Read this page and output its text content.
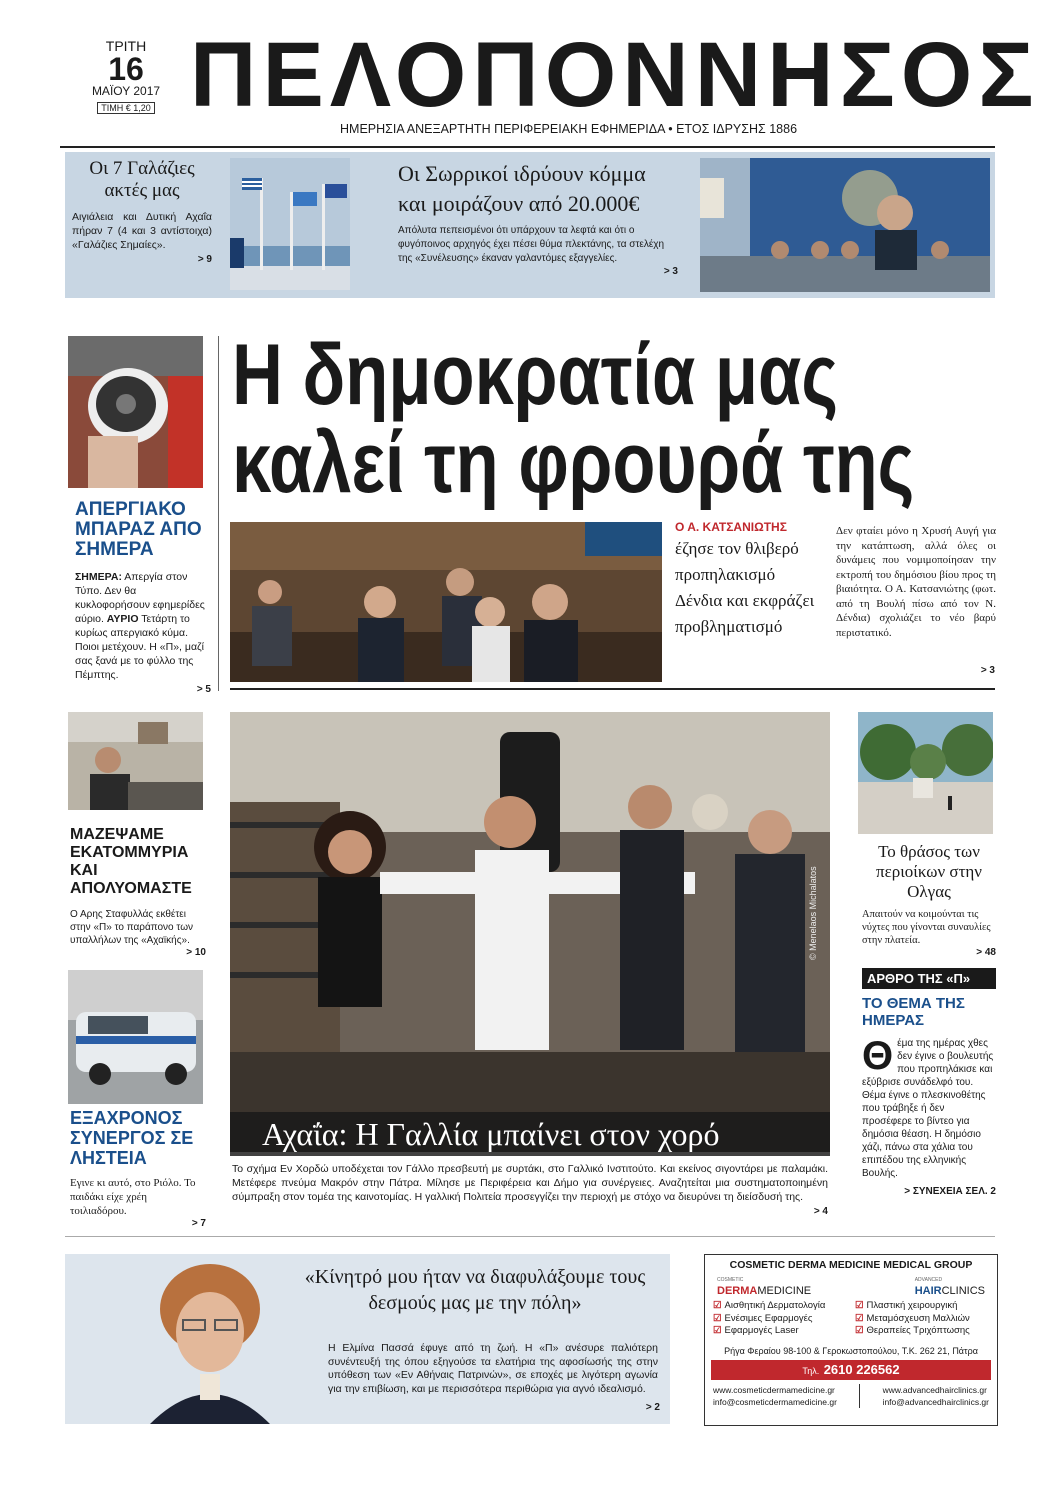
ΤΡΙΤΗ
16
ΜΑΪΟΥ 2017
ΤΙΜΗ € 1,20 ΠΕΛΟΠΟΝΝΗΣΟΣ
ΗΜΕΡΗΣΙΑ ΑΝΕΞΑΡΤΗΤΗ ΠΕΡΙΦΕΡΕΙΑΚΗ ΕΦΗΜΕΡΙΔΑ • ΕΤΟΣ ΙΔΡΥΣΗΣ 1886
Οι 7 Γαλάζιες ακτές μας
Αιγιάλεια και Δυτική Αχαΐα πήραν 7 (4 και 3 αντίστοιχα) «Γαλάζιες Σημαίες».
> 9
Οι Σωρρικοί ιδρύουν κόμμα
και μοιράζουν από 20.000€
Απόλυτα πεπεισμένοι ότι υπάρχουν τα λεφτά και ότι ο φυγόποινος αρχηγός έχει πέσει θύμα πλεκτάνης, τα στελέχη της «Συνέλευσης» έκαναν γαλαντόμες εξαγγελίες.
> 3
ΑΠΕΡΓΙΑΚΟ ΜΠΑΡΑΖ ΑΠΟ ΣΗΜΕΡΑ
ΣΗΜΕΡΑ: Απεργία στον Τύπο. Δεν θα κυκλοφορήσουν εφημερίδες αύριο. ΑΥΡΙΟ Τετάρτη το κυρίως απεργιακό κύμα. Ποιοι μετέχουν. Η «Π», μαζί σας ξανά με το φύλλο της Πέμπτης.
> 5
Η δημοκρατία μας
καλεί τη φρουρά της
Ο Α. ΚΑΤΣΑΝΙΩΤΗΣ
έζησε τον θλιβερό προπηλακισμό Δένδια και εκφράζει προβληματισμό
Δεν φταίει μόνο η Χρυσή Αυγή για την κατάπτωση, αλλά όλες οι δυνάμεις που νομιμοποίησαν την εκτροπή του δημόσιου βίου προς τη βιαιότητα. Ο Α. Κατσανιώτης (φωτ. από τη Βουλή πίσω από τον Ν. Δένδια) σχολιάζει το νέο βαρύ περιστατικό.
> 3
ΜΑΖΕΨΑΜΕ ΕΚΑΤΟΜΜΥΡΙΑ ΚΑΙ ΑΠΟΛΥΟΜΑΣΤΕ
Ο Αρης Σταφυλλάς εκθέτει στην «Π» το παράπονο των υπαλλήλων της «Αχαϊκής».
> 10
ΕΞΑΧΡΟΝΟΣ ΣΥΝΕΡΓΟΣ ΣΕ ΛΗΣΤΕΙΑ
Εγινε κι αυτό, στο Ριόλο. Το παιδάκι είχε χρέη τοιλιαδόρου.
> 7
Αχαΐα: Η Γαλλία μπαίνει στον χορό
© Menelaos Michalatos
Το σχήμα Εν Χορδώ υποδέχεται τον Γάλλο πρεσβευτή με συρτάκι, στο Γαλλικό Ινστιτούτο. Και εκείνος σιγοντάρει με παλαμάκι. Μετέφερε πνεύμα Μακρόν στην Πάτρα. Μίλησε με Περιφέρεια και Δήμο για συνέργειες. Αναζητείται μια συστηματοποιημένη σύμπραξη στον τομέα της καινοτομίας. Η γαλλική Πολιτεία προσεγγίζει την περιοχή με στόχο να διευρύνει τη διείσδυσή της.
> 4
Το θράσος των περιοίκων στην Ολγας
Απαιτούν να κοιμούνται τις νύχτες που γίνονται συναυλίες στην πλατεία.
> 48
ΑΡΘΡΟ ΤΗΣ «Π»
ΤΟ ΘΕΜΑ ΤΗΣ ΗΜΕΡΑΣ
Θέμα της ημέρας χθες δεν έγινε ο βουλευτής που προπηλάκισε και εξύβρισε συνάδελφό του. Θέμα έγινε ο πλεσκινοθέτης που τράβηξε ή δεν προσέφερε το βίντεο για δημόσια θέαση. Η δημόσιο χάζι, πάνω στα χάλια του επιπέδου της ελληνικής Βουλής.
> ΣΥΝΕΧΕΙΑ ΣΕΛ. 2
«Κίνητρό μου ήταν να διαφυλάξουμε τους δεσμούς μας με την πόλη»
Η Ελμίνα Πασσά έφυγε από τη ζωή. Η «Π» ανέσυρε παλιότερη συνέντευξή της όπου εξηγούσε τα ελατήρια της αφοσίωσής της στην υπόθεση των «Εν Αθήναις Πατρινών», σε εποχές με λιγότερη αγωνία για την επιβίωση, και με περισσότερα περιθώρια για αγνό ιδεαλισμό.
> 2
COSMETIC DERMA MEDICINE MEDICAL GROUP
COSMETIC
DERMAMEDICINE
ADVANCED
HAIRCLINICS
☑ Αισθητική Δερματολογία
☑ Ενέσιμες Εφαρμογές
☑ Εφαρμογές Laser
☑ Πλαστική χειρουργική
☑ Μεταμόσχευση Μαλλιών
☑ Θεραπείες Τριχόπτωσης
Ρήγα Φεραίου 98-100 & Γεροκωστοπούλου, Τ.Κ. 262 21, Πάτρα
Τηλ. 2610 226562
www.cosmeticdermamedicine.gr
info@cosmeticdermamedicine.gr
www.advancedhairclinics.gr
info@advancedhairclinics.gr
